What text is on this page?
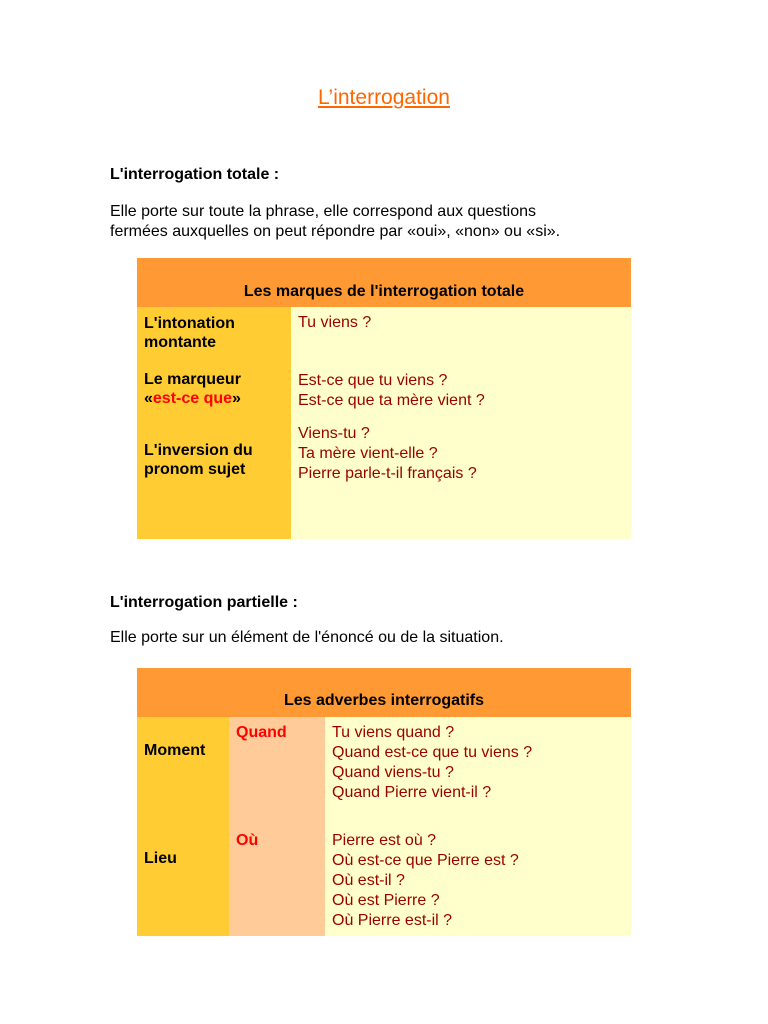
L’interrogation
L'interrogation totale :
Elle porte sur toute la phrase, elle correspond aux questions
fermées auxquelles on peut répondre par «oui», «non» ou «si».
Les marques de l'interrogation totale
L'intonation
montante
Le marqueur
«est-ce que»
L'inversion du
pronom sujet
Tu viens ?
Est-ce que tu viens ?
Est-ce que ta mère vient ?
Viens-tu ?
Ta mère vient-elle ?
Pierre parle-t-il français ?
L'interrogation partielle :
Elle porte sur un élément de l'énoncé ou de la situation.
Les adverbes interrogatifs
Moment
Lieu
Quand
Où
Tu viens quand ?
Quand est-ce que tu viens ?
Quand viens-tu ?
Quand Pierre vient-il ?
Pierre est où ?
Où est-ce que Pierre est ?
Où est-il ?
Où est Pierre ?
Où Pierre est-il ?
